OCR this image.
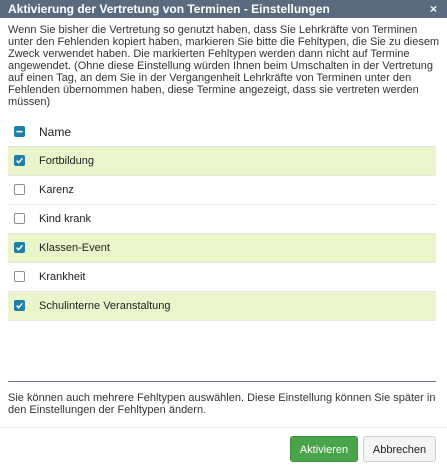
Aktivierung der Vertretung von Terminen - Einstellungen	×
Wenn Sie bisher die Vertretung so genutzt haben, dass Sie Lehrkräfte von Terminen unter den Fehlenden kopiert haben, markieren Sie bitte die Fehltypen, die Sie zu diesem Zweck verwendet haben. Die markierten Fehltypen werden dann nicht auf Termine angewendet. (Ohne diese Einstellung würden Ihnen beim Umschalten in der Vertretung auf einen Tag, an dem Sie in der Vergangenheit Lehrkräfte von Terminen unter den Fehlenden übernommen haben, diese Termine angezeigt, dass sie vertreten werden müssen)
Name
Fortbildung
Karenz
Kind krank
Klassen-Event
Krankheit
Schulinterne Veranstaltung
Sie können auch mehrere Fehltypen auswählen. Diese Einstellung können Sie später in den Einstellungen der Fehltypen ändern.
Aktivieren	Abbrechen
